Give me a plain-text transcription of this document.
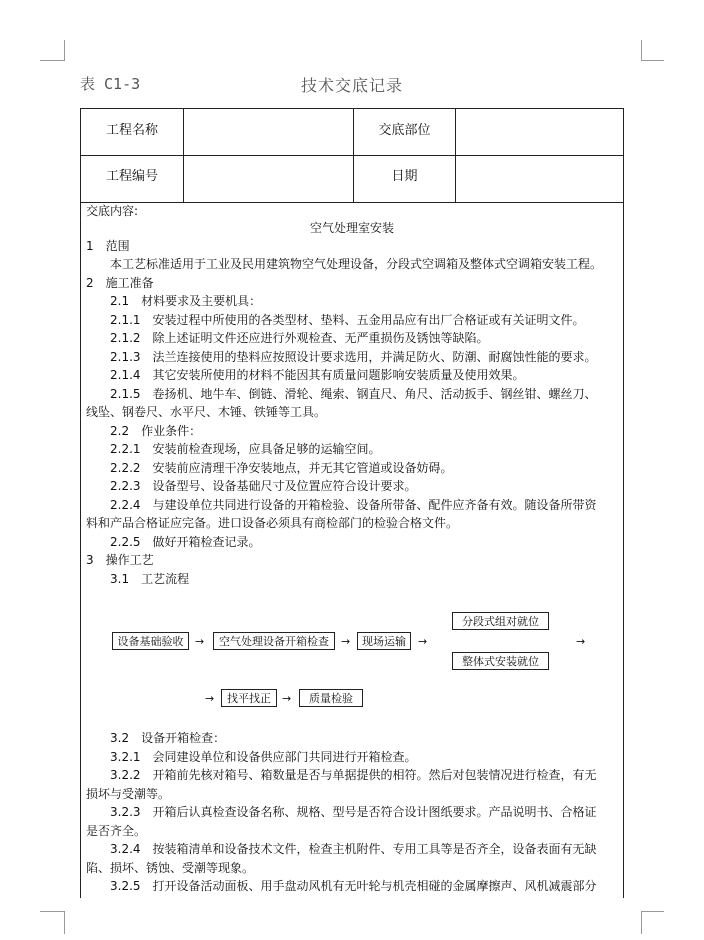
表 C1-3	技术交底记录
工程名称	交底部位
工程编号	日期
交底内容:
空气处理室安装
1　范围
本工艺标准适用于工业及民用建筑物空气处理设备，分段式空调箱及整体式空调箱安装工程。
2　施工准备
2.1　材料要求及主要机具：
2.1.1　安装过程中所使用的各类型材、垫料、五金用品应有出厂合格证或有关证明文件。
2.1.2　除上述证明文件还应进行外观检查、无严重损伤及锈蚀等缺陷。
2.1.3　法兰连接使用的垫料应按照设计要求选用，并满足防火、防潮、耐腐蚀性能的要求。
2.1.4　其它安装所使用的材料不能因其有质量问题影响安装质量及使用效果。
2.1.5　卷扬机、地牛车、倒链、滑轮、绳索、钢直尺、角尺、活动扳手、钢丝钳、螺丝刀、
线坠、钢卷尺、水平尺、木锤、铁锤等工具。
2.2　作业条件：
2.2.1　安装前检查现场，应具备足够的运输空间。
2.2.2　安装前应清理干净安装地点，并无其它管道或设备妨碍。
2.2.3　设备型号、设备基础尺寸及位置应符合设计要求。
2.2.4　与建设单位共同进行设备的开箱检验、设备所带备、配件应齐备有效。随设备所带资
料和产品合格证应完备。进口设备必须具有商检部门的检验合格文件。
2.2.5　做好开箱检查记录。
3　操作工艺
3.1　工艺流程
设备基础验收	→	空气处理设备开箱检查	→	现场运输	→
分段式组对就位
整体式安装就位
→
→	找平找正	→	质量检验
3.2　设备开箱检查：
3.2.1　会同建设单位和设备供应部门共同进行开箱检查。
3.2.2　开箱前先核对箱号、箱数量是否与单据提供的相符。然后对包装情况进行检查，有无
损坏与受潮等。
3.2.3　开箱后认真检查设备名称、规格、型号是否符合设计图纸要求。产品说明书、合格证
是否齐全。
3.2.4　按装箱清单和设备技术文件，检查主机附件、专用工具等是否齐全，设备表面有无缺
陷、损坏、锈蚀、受潮等现象。
3.2.5　打开设备活动面板、用手盘动风机有无叶轮与机壳相碰的金属摩擦声、风机减震部分
